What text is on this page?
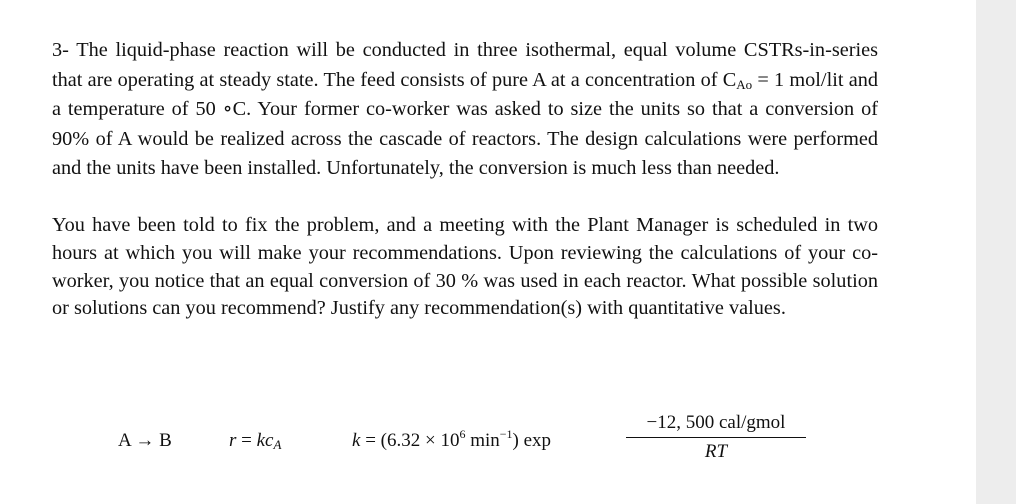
3- The liquid-phase reaction will be conducted in three isothermal, equal volume CSTRs-in-series that are operating at steady state. The feed consists of pure A at a concentration of $C_{Ao} = 1$ mol/lit and a temperature of 50 ∘C. Your former co-worker was asked to size the units so that a conversion of 90% of A would be realized across the cascade of reactors. The design calculations were performed and the units have been installed. Unfortunately, the conversion is much less than needed.

You have been told to fix the problem, and a meeting with the Plant Manager is scheduled in two hours at which you will make your recommendations. Upon reviewing the calculations of your co-worker, you notice that an equal conversion of 30 % was used in each reactor. What possible solution or solutions can you recommend? Justify any recommendation(s) with quantitative values.

A → B	$r = kc_A$	$k = (6.32 \times 10^6$ $\min^{-1}$) exp
−12, 500 cal/gmol
RT
